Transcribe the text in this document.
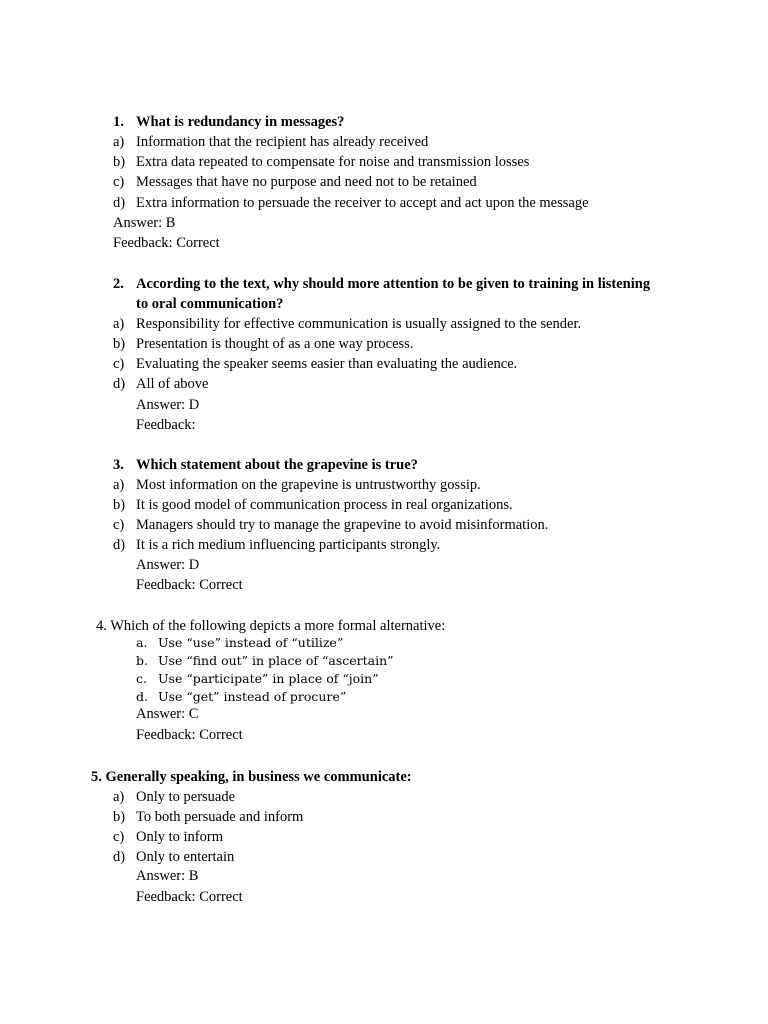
1. What is redundancy in messages?
a) Information that the recipient has already received
b) Extra data repeated to compensate for noise and transmission losses
c) Messages that have no purpose and need not to be retained
d) Extra information to persuade the receiver to accept and act upon the message
Answer: B
Feedback: Correct
2. According to the text, why should more attention to be given to training in listening
to oral communication?
a) Responsibility for effective communication is usually assigned to the sender.
b) Presentation is thought of as a one way process.
c) Evaluating the speaker seems easier than evaluating the audience.
d) All of above
Answer: D
Feedback:
3. Which statement about the grapevine is true?
a) Most information on the grapevine is untrustworthy gossip.
b) It is good model of communication process in real organizations.
c) Managers should try to manage the grapevine to avoid misinformation.
d) It is a rich medium influencing participants strongly.
Answer: D
Feedback: Correct
4. Which of the following depicts a more formal alternative:
a. Use “use” instead of “utilize”
b. Use “find out” in place of “ascertain”
c. Use “participate” in place of “join”
d. Use “get” instead of procure”
Answer: C
Feedback: Correct
5. Generally speaking, in business we communicate:
a) Only to persuade
b) To both persuade and inform
c) Only to inform
d) Only to entertain
Answer: B
Feedback: Correct
